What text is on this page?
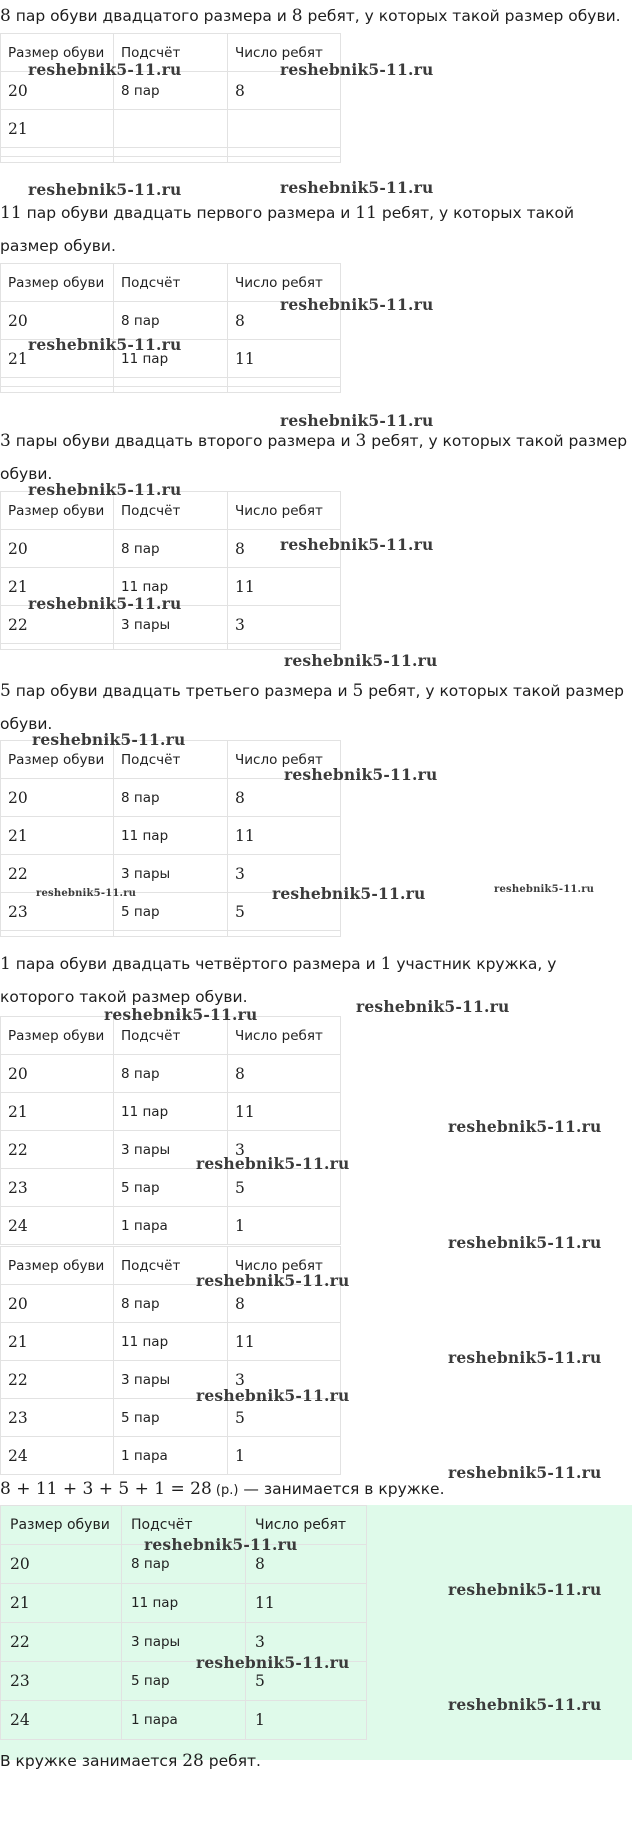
8 пар обуви двадцатого размера и 8 ребят, у которых такой размер обуви.
Размер обуви	Подсчёт	Число ребят
20	8 пар	8
21		

11 пар обуви двадцать первого размера и 11 ребят, у которых такой размер обуви.
Размер обуви	Подсчёт	Число ребят
20	8 пар	8
21	11 пар	11

3 пары обуви двадцать второго размера и 3 ребят, у которых такой размер обуви.
Размер обуви	Подсчёт	Число ребят
20	8 пар	8
21	11 пар	11
22	3 пары	3

5 пар обуви двадцать третьего размера и 5 ребят, у которых такой размер обуви.
Размер обуви	Подсчёт	Число ребят
20	8 пар	8
21	11 пар	11
22	3 пары	3
23	5 пар	5

1 пара обуви двадцать четвёртого размера и 1 участник кружка, у которого такой размер обуви.
Размер обуви	Подсчёт	Число ребят
20	8 пар	8
21	11 пар	11
22	3 пары	3
23	5 пар	5
24	1 пара	1
Размер обуви	Подсчёт	Число ребят
20	8 пар	8
21	11 пар	11
22	3 пары	3
23	5 пар	5
24	1 пара	1
8 + 11 + 3 + 5 + 1 = 28 (р.) — занимается в кружке.
Размер обуви	Подсчёт	Число ребят
20	8 пар	8
21	11 пар	11
22	3 пары	3
23	5 пар	5
24	1 пара	1
В кружке занимается 28 ребят.
reshebnik5-11.ru	reshebnik5-11.ru
reshebnik5-11.ru	reshebnik5-11.ru
reshebnik5-11.ru
reshebnik5-11.ru
reshebnik5-11.ru
reshebnik5-11.ru
reshebnik5-11.ru
reshebnik5-11.ru
reshebnik5-11.ru
reshebnik5-11.ru
reshebnik5-11.ru
reshebnik5-11.ru	reshebnik5-11.ru	reshebnik5-11.ru
reshebnik5-11.ru
reshebnik5-11.ru
reshebnik5-11.ru
reshebnik5-11.ru
reshebnik5-11.ru
reshebnik5-11.ru
reshebnik5-11.ru
reshebnik5-11.ru
reshebnik5-11.ru
reshebnik5-11.ru
reshebnik5-11.ru
reshebnik5-11.ru
reshebnik5-11.ru
